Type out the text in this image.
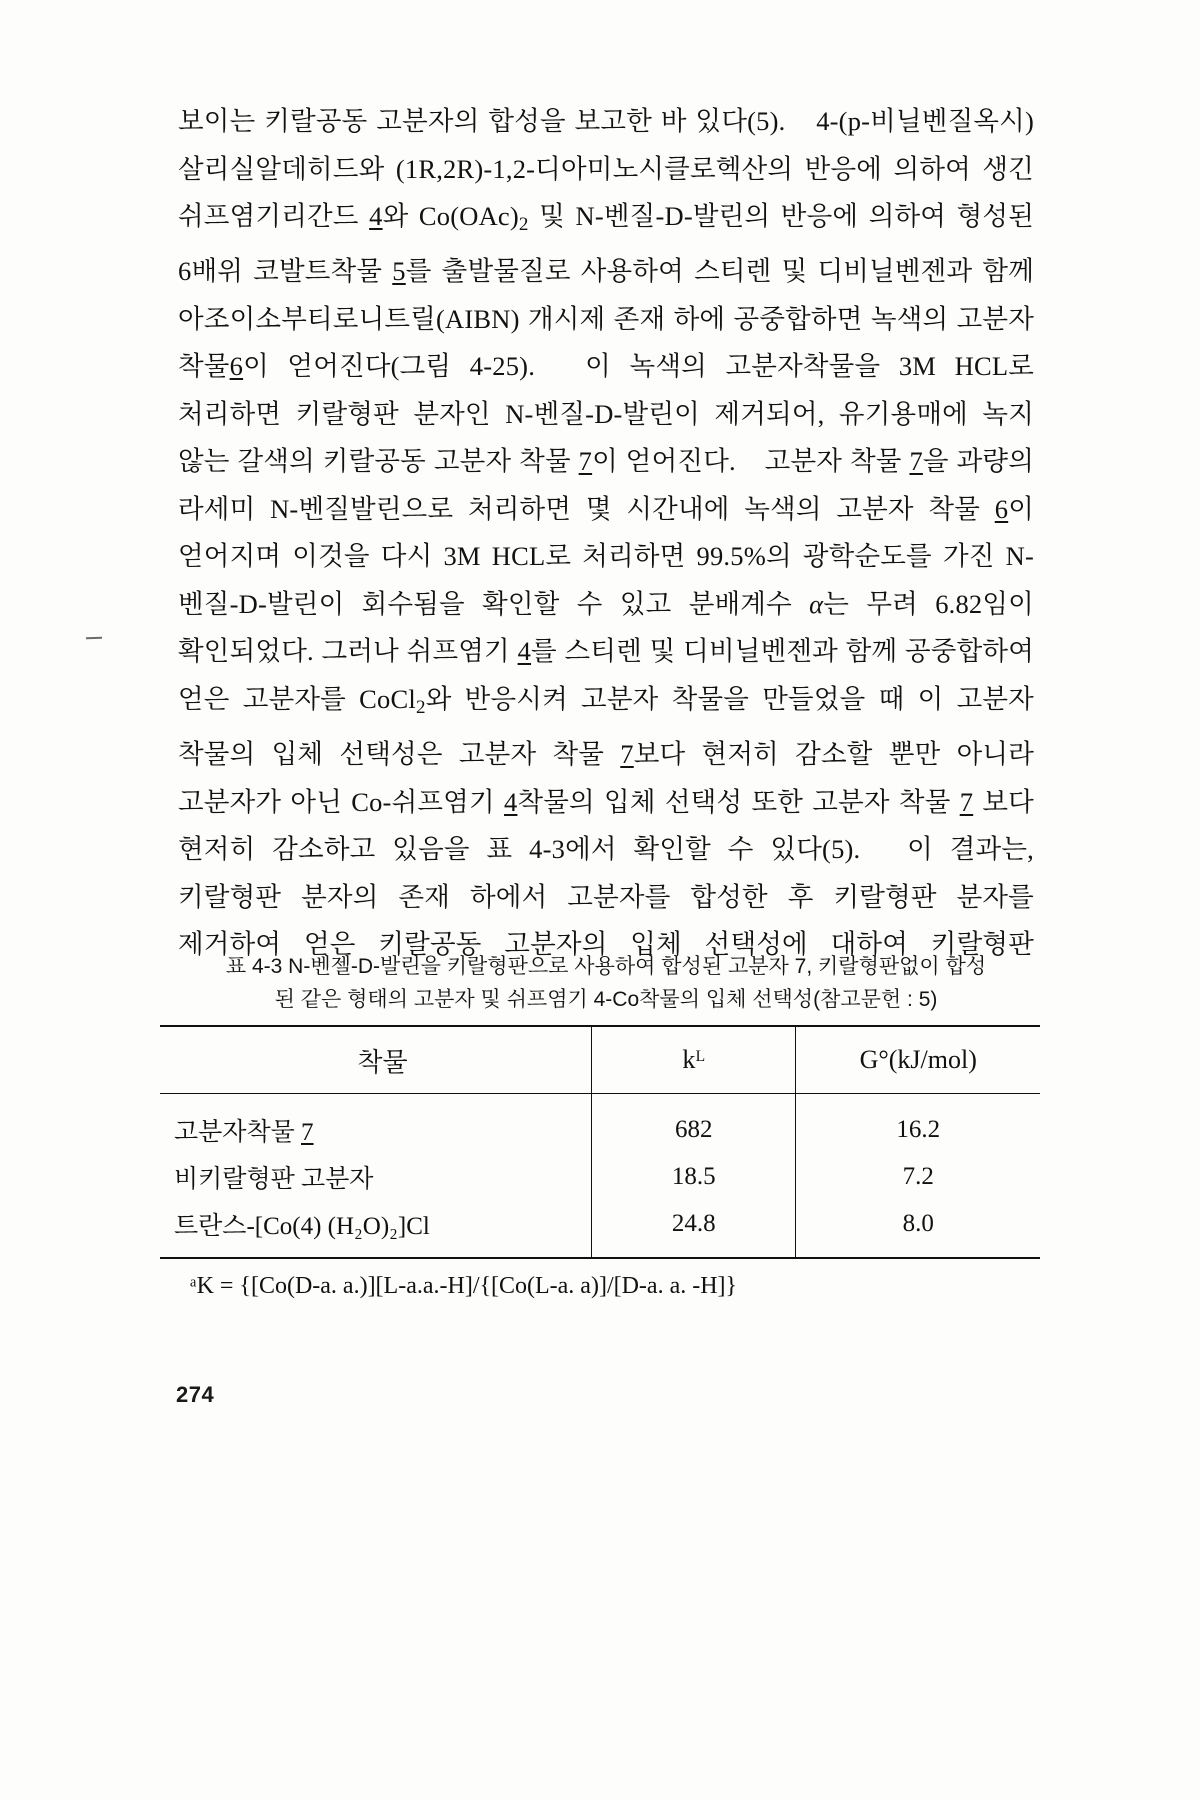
보이는 키랄공동 고분자의 합성을 보고한 바 있다(5).　4-(p-비닐벤질옥시)살리실알데히드와 (1R,2R)-1,2-디아미노시클로헥산의 반응에 의하여 생긴 쉬프염기리간드 4와 $Co(OAc)_2$ 및 N-벤질-D-발린의 반응에 의하여 형성된 6배위 코발트착물 5를 출발물질로 사용하여 스티렌 및 디비닐벤젠과 함께 아조이소부티로니트릴(AIBN) 개시제 존재 하에 공중합하면 녹색의 고분자 착물6이 얻어진다(그림 4-25).　이 녹색의 고분자착물을 3M HCL로 처리하면 키랄형판 분자인 N-벤질-D-발린이 제거되어, 유기용매에 녹지 않는 갈색의 키랄공동 고분자 착물 7이 얻어진다.　고분자 착물 7을 과량의 라세미 N-벤질발린으로 처리하면 몇 시간내에 녹색의 고분자 착물 6이 얻어지며 이것을 다시 3M HCL로 처리하면 99.5%의 광학순도를 가진 N-벤질-D-발린이 회수됨을 확인할 수 있고 분배계수 α는 무려 6.82임이 확인되었다. 그러나 쉬프염기 4를 스티렌 및 디비닐벤젠과 함께 공중합하여 얻은 고분자를 CoCl$_2$와 반응시켜 고분자 착물을 만들었을 때 이 고분자 착물의 입체 선택성은 고분자 착물 7보다 현저히 감소할 뿐만 아니라 고분자가 아닌 Co-쉬프염기 4착물의 입체 선택성 또한 고분자 착물 7 보다 현저히 감소하고 있음을 표 4-3에서 확인할 수 있다(5).　이 결과는, 키랄형판 분자의 존재 하에서 고분자를 합성한 후 키랄형판 분자를 제거하여 얻은 키랄공동 고분자의 입체 선택성에 대하여 키랄형판

표 4-3 N-벤젤-D-발린을 키랄형판으로 사용하여 합성된 고분자 7, 키랄형판없이 합성
된 같은 형태의 고분자 및 쉬프염기 4-Co착물의 입체 선택성(참고문헌 : 5)
착물	kᴸ	G°(kJ/mol)
고분자착물 7	682	16.2
비키랄형판 고분자	18.5	7.2
트란스-[Co(4) (H₂O)₂]Cl	24.8	8.0
ᵃK = {[Co(D-a. a.)][L-a.a.-H]/{[Co(L-a. a)]/[D-a. a. -H]}
274
